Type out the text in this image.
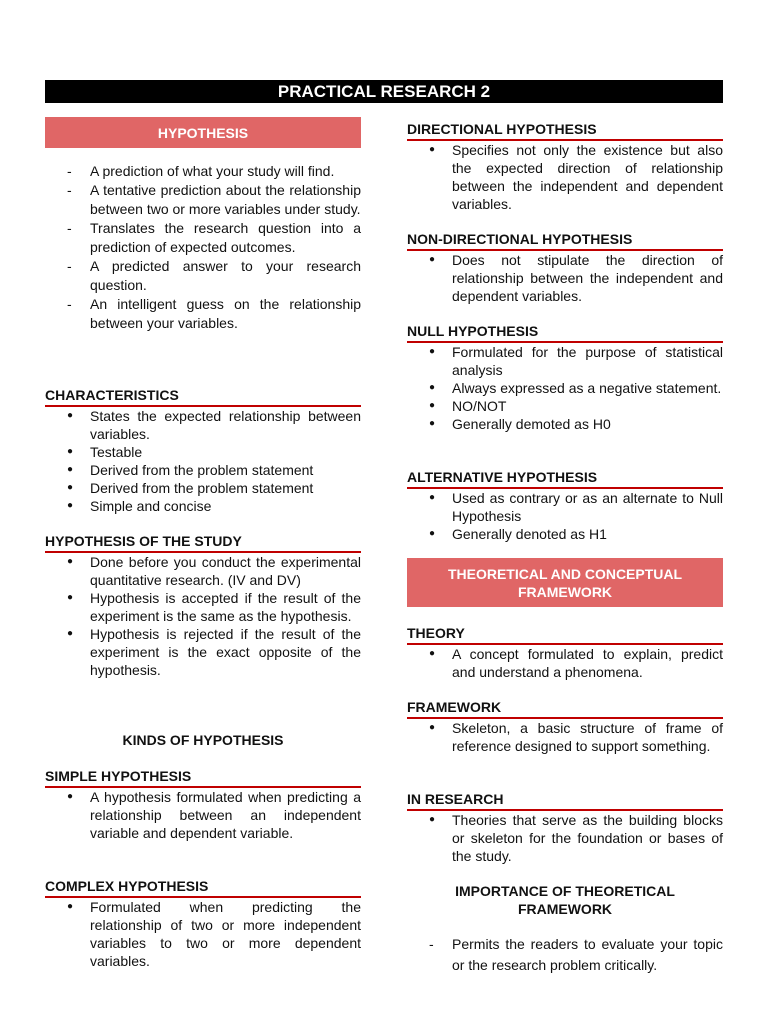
PRACTICAL RESEARCH 2
HYPOTHESIS
- A prediction of what your study will find.
- A tentative prediction about the relationship between two or more variables under study.
- Translates the research question into a prediction of expected outcomes.
- A predicted answer to your research question.
- An intelligent guess on the relationship between your variables.
CHARACTERISTICS
● States the expected relationship between variables.
● Testable
● Derived from the problem statement
● Derived from the problem statement
● Simple and concise
HYPOTHESIS OF THE STUDY
● Done before you conduct the experimental quantitative research. (IV and DV)
● Hypothesis is accepted if the result of the experiment is the same as the hypothesis.
● Hypothesis is rejected if the result of the experiment is the exact opposite of the hypothesis.
KINDS OF HYPOTHESIS
SIMPLE HYPOTHESIS
● A hypothesis formulated when predicting a relationship between an independent variable and dependent variable.
COMPLEX HYPOTHESIS
● Formulated when predicting the relationship of two or more independent variables to two or more dependent variables.
DIRECTIONAL HYPOTHESIS
● Specifies not only the existence but also the expected direction of relationship between the independent and dependent variables.
NON-DIRECTIONAL HYPOTHESIS
● Does not stipulate the direction of relationship between the independent and dependent variables.
NULL HYPOTHESIS
● Formulated for the purpose of statistical analysis
● Always expressed as a negative statement.
● NO/NOT
● Generally demoted as H0
ALTERNATIVE HYPOTHESIS
● Used as contrary or as an alternate to Null Hypothesis
● Generally denoted as H1
THEORETICAL AND CONCEPTUAL FRAMEWORK
THEORY
● A concept formulated to explain, predict and understand a phenomena.
FRAMEWORK
● Skeleton, a basic structure of frame of reference designed to support something.
IN RESEARCH
● Theories that serve as the building blocks or skeleton for the foundation or bases of the study.
IMPORTANCE OF THEORETICAL FRAMEWORK
- Permits the readers to evaluate your topic or the research problem critically.
